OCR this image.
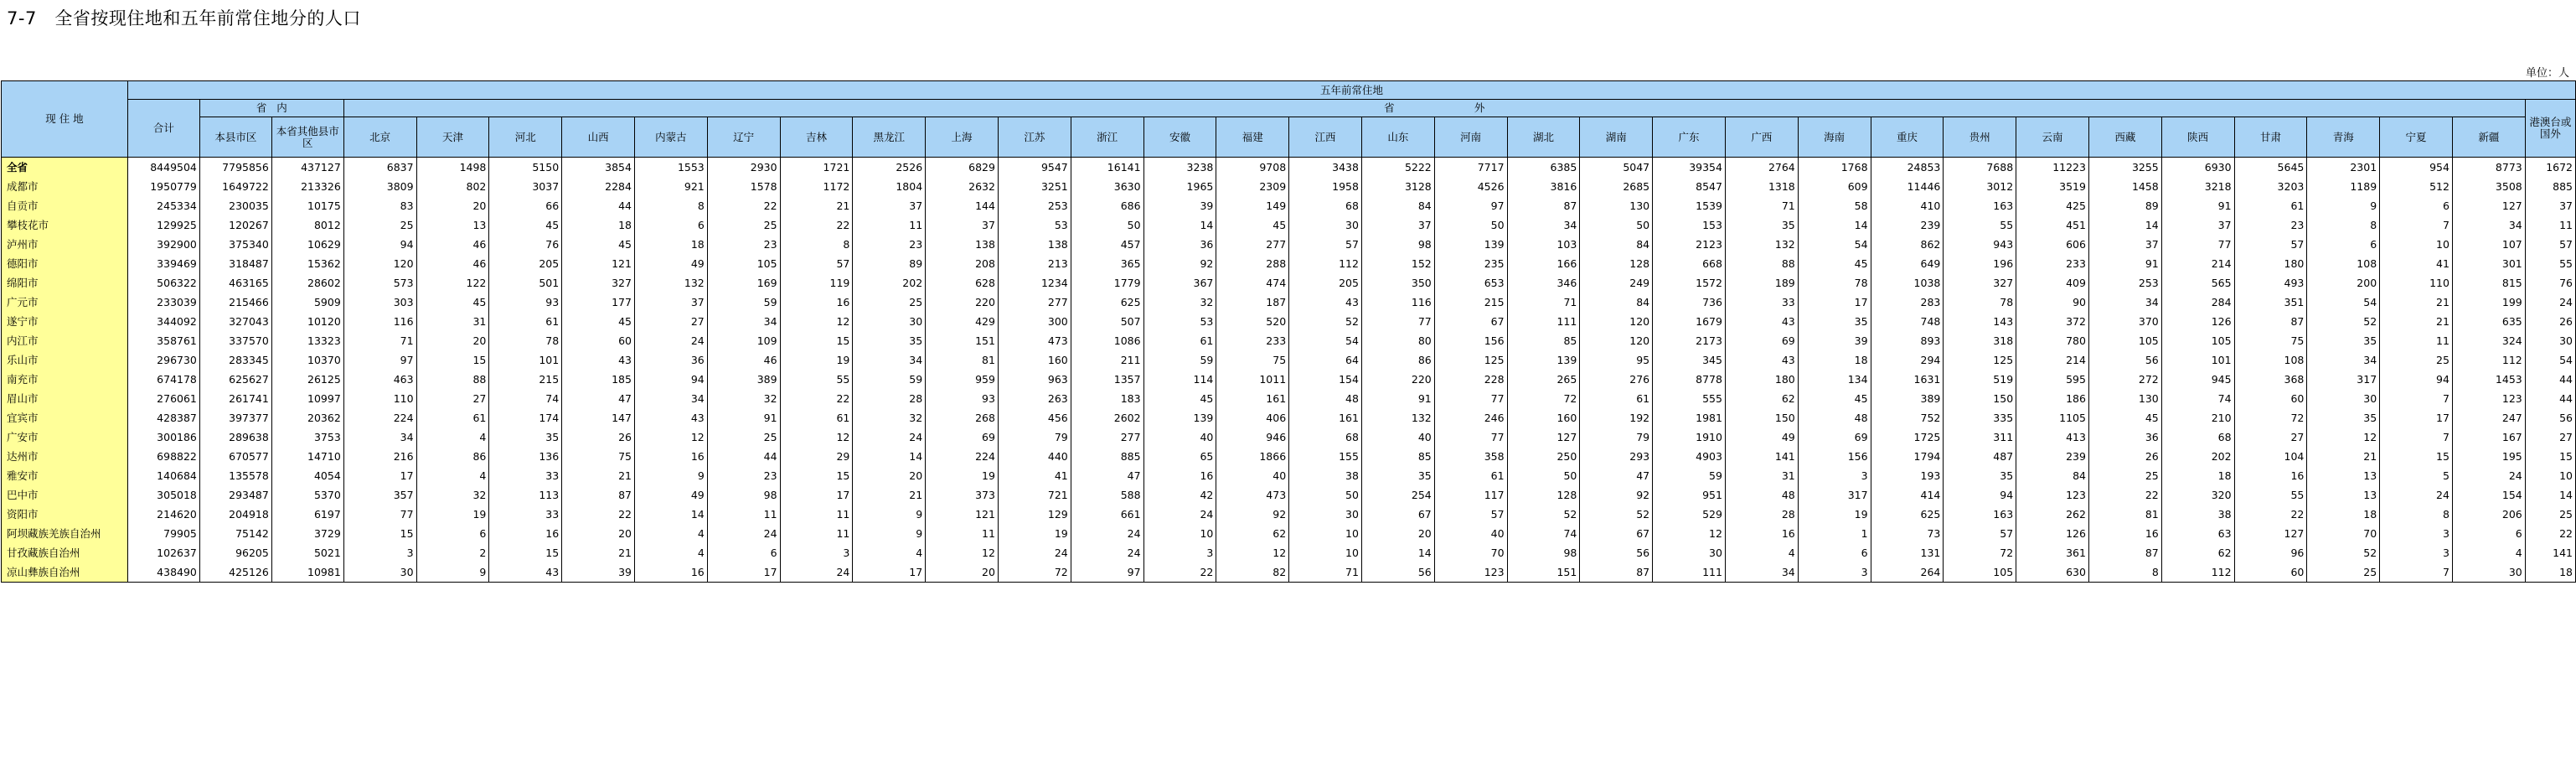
7-7   全省按现住地和五年前常住地分的人口
单位：人
现 住 地	五年前常住地																																	
	合计	省   内		省                        外																														港澳台或国外
		本县市区	本省其他县市区	北京	天津	河北	山西	内蒙古	辽宁	吉林	黑龙江	上海	江苏	浙江	安徽	福建	江西	山东	河南	湖北	湖南	广东	广西	海南	重庆	贵州	云南	西藏	陕西	甘肃	青海	宁夏	新疆	
全省	8449504	7795856	437127	6837	1498	5150	3854	1553	2930	1721	2526	6829	9547	16141	3238	9708	3438	5222	7717	6385	5047	39354	2764	1768	24853	7688	11223	3255	6930	5645	2301	954	8773	1672
成都市	1950779	1649722	213326	3809	802	3037	2284	921	1578	1172	1804	2632	3251	3630	1965	2309	1958	3128	4526	3816	2685	8547	1318	609	11446	3012	3519	1458	3218	3203	1189	512	3508	885
自贡市	245334	230035	10175	83	20	66	44	8	22	21	37	144	253	686	39	149	68	84	97	87	130	1539	71	58	410	163	425	89	91	61	9	6	127	37
攀枝花市	129925	120267	8012	25	13	45	18	6	25	22	11	37	53	50	14	45	30	37	50	34	50	153	35	14	239	55	451	14	37	23	8	7	34	11
泸州市	392900	375340	10629	94	46	76	45	18	23	8	23	138	138	457	36	277	57	98	139	103	84	2123	132	54	862	943	606	37	77	57	6	10	107	57
德阳市	339469	318487	15362	120	46	205	121	49	105	57	89	208	213	365	92	288	112	152	235	166	128	668	88	45	649	196	233	91	214	180	108	41	301	55
绵阳市	506322	463165	28602	573	122	501	327	132	169	119	202	628	1234	1779	367	474	205	350	653	346	249	1572	189	78	1038	327	409	253	565	493	200	110	815	76
广元市	233039	215466	5909	303	45	93	177	37	59	16	25	220	277	625	32	187	43	116	215	71	84	736	33	17	283	78	90	34	284	351	54	21	199	24
遂宁市	344092	327043	10120	116	31	61	45	27	34	12	30	429	300	507	53	520	52	77	67	111	120	1679	43	35	748	143	372	370	126	87	52	21	635	26
内江市	358761	337570	13323	71	20	78	60	24	109	15	35	151	473	1086	61	233	54	80	156	85	120	2173	69	39	893	318	780	105	105	75	35	11	324	30
乐山市	296730	283345	10370	97	15	101	43	36	46	19	34	81	160	211	59	75	64	86	125	139	95	345	43	18	294	125	214	56	101	108	34	25	112	54
南充市	674178	625627	26125	463	88	215	185	94	389	55	59	959	963	1357	114	1011	154	220	228	265	276	8778	180	134	1631	519	595	272	945	368	317	94	1453	44
眉山市	276061	261741	10997	110	27	74	47	34	32	22	28	93	263	183	45	161	48	91	77	72	61	555	62	45	389	150	186	130	74	60	30	7	123	44
宜宾市	428387	397377	20362	224	61	174	147	43	91	61	32	268	456	2602	139	406	161	132	246	160	192	1981	150	48	752	335	1105	45	210	72	35	17	247	56
广安市	300186	289638	3753	34	4	35	26	12	25	12	24	69	79	277	40	946	68	40	77	127	79	1910	49	69	1725	311	413	36	68	27	12	7	167	27
达州市	698822	670577	14710	216	86	136	75	16	44	29	14	224	440	885	65	1866	155	85	358	250	293	4903	141	156	1794	487	239	26	202	104	21	15	195	15
雅安市	140684	135578	4054	17	4	33	21	9	23	15	20	19	41	47	16	40	38	35	61	50	47	59	31	3	193	35	84	25	18	16	13	5	24	10
巴中市	305018	293487	5370	357	32	113	87	49	98	17	21	373	721	588	42	473	50	254	117	128	92	951	48	317	414	94	123	22	320	55	13	24	154	14
资阳市	214620	204918	6197	77	19	33	22	14	11	11	9	121	129	661	24	92	30	67	57	52	52	529	28	19	625	163	262	81	38	22	18	8	206	25
阿坝藏族羌族自治州	79905	75142	3729	15	6	16	20	4	24	11	9	11	19	24	10	62	10	20	40	74	67	12	16	1	73	57	126	16	63	127	70	3	6	22
甘孜藏族自治州	102637	96205	5021	3	2	15	21	4	6	3	4	12	24	24	3	12	10	14	70	98	56	30	4	6	131	72	361	87	62	96	52	3	4	141
凉山彝族自治州	438490	425126	10981	30	9	43	39	16	17	24	17	20	72	97	22	82	71	56	123	151	87	111	34	3	264	105	630	8	112	60	25	7	30	18
